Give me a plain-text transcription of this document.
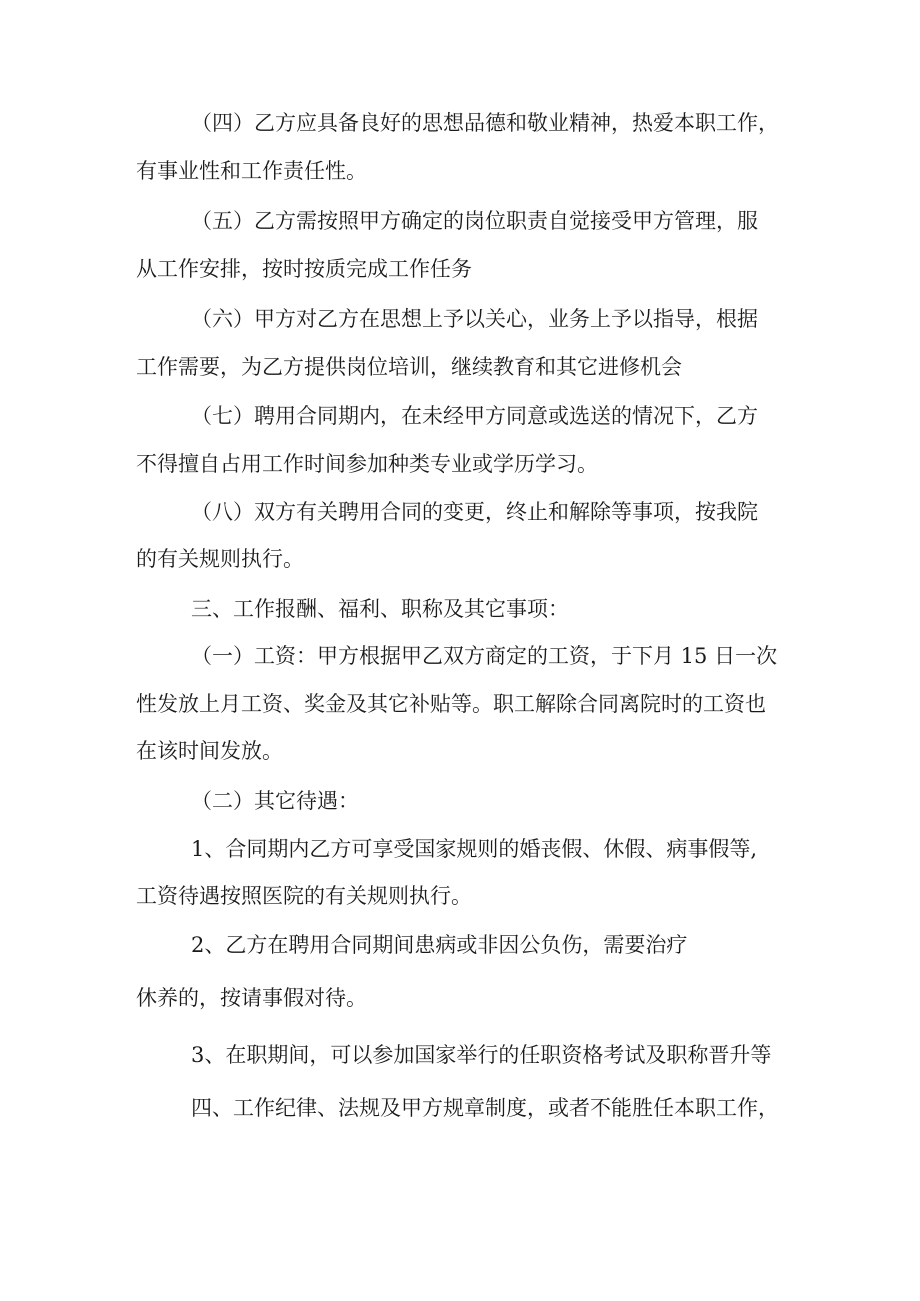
（四）乙方应具备良好的思想品德和敬业精神，热爱本职工作，
有事业性和工作责任性。
（五）乙方需按照甲方确定的岗位职责自觉接受甲方管理，服
从工作安排，按时按质完成工作任务
（六）甲方对乙方在思想上予以关心，业务上予以指导，根据
工作需要，为乙方提供岗位培训，继续教育和其它进修机会
（七）聘用合同期内，在未经甲方同意或选送的情况下，乙方
不得擅自占用工作时间参加种类专业或学历学习。
（八）双方有关聘用合同的变更，终止和解除等事项，按我院
的有关规则执行。
三、工作报酬、福利、职称及其它事项：
（一）工资：甲方根据甲乙双方商定的工资，于下月 15 日一次
性发放上月工资、奖金及其它补贴等。职工解除合同离院时的工资也
在该时间发放。
（二）其它待遇：
1、合同期内乙方可享受国家规则的婚丧假、休假、病事假等,
工资待遇按照医院的有关规则执行。
2、乙方在聘用合同期间患病或非因公负伤，需要治疗
休养的，按请事假对待。
3、在职期间，可以参加国家举行的任职资格考试及职称晋升等
四、工作纪律、法规及甲方规章制度，或者不能胜任本职工作，
